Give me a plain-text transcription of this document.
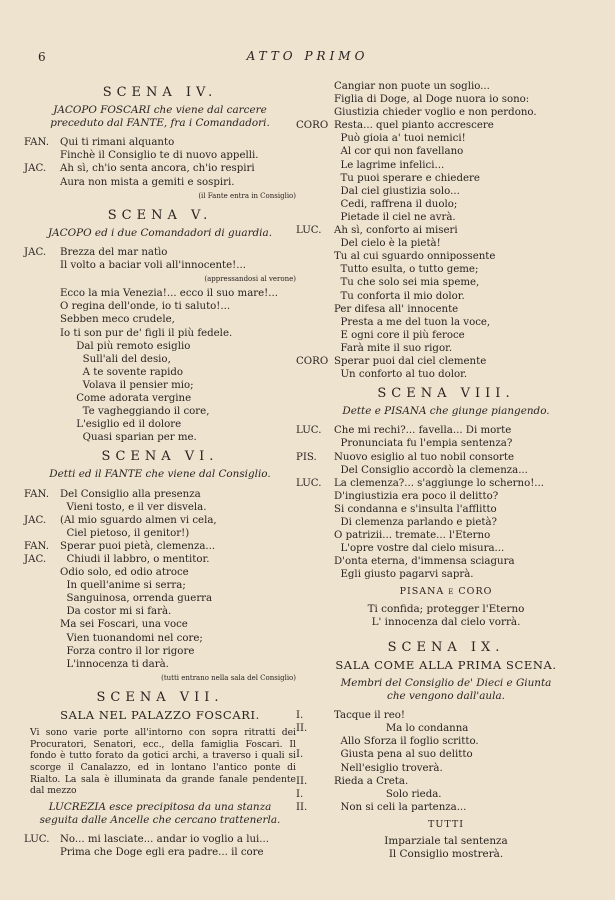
6	ATTO PRIMO
SCENA IV.
JACOPO FOSCARI che viene dal carcere
preceduto dal FANTE, fra i Comandadori.
FAN.	Qui ti rimani alquanto
Finchè il Consiglio te di nuovo appelli.
JAC.	Ah sì, ch'io senta ancora, ch'io respiri
Aura non mista a gemiti e sospiri.
(il Fante entra in Consiglio)
SCENA V.
JACOPO ed i due Comandadori di guardia.
JAC.	Brezza del mar natìo
Il volto a baciar voli all'innocente!...
(appressandosi al verone)
Ecco la mia Venezia!... ecco il suo mare!...
O regina dell'onde, io ti saluto!...
Sebben meco crudele,
Io ti son pur de' figli il più fedele.
Dal più remoto esiglio
Sull'ali del desio,
A te sovente rapido
Volava il pensier mio;
Come adorata vergine
Te vagheggiando il core,
L'esiglio ed il dolore
Quasi sparian per me.
SCENA VI.
Detti ed il FANTE che viene dal Consiglio.
FAN.	Del Consiglio alla presenza
Vieni tosto, e il ver disvela.
JAC.	(Al mio sguardo almen vi cela,
Ciel pietoso, il genitor!)
FAN.	Sperar puoi pietà, clemenza...
JAC.	Chiudi il labbro, o mentitor.
Odio solo, ed odio atroce
In quell'anime si serra;
Sanguinosa, orrenda guerra
Da costor mi si farà.
Ma sei Foscari, una voce
Vien tuonandomi nel core;
Forza contro il lor rigore
L'innocenza ti darà.
(tutti entrano nella sala del Consiglio)
SCENA VII.
SALA NEL PALAZZO FOSCARI.
Vi sono varie porte all'intorno con sopra ritratti dei Procuratori, Senatori, ecc., della famiglia Foscari. Il fondo è tutto forato da gotici archi, a traverso i quali si scorge il Canalazzo, ed in lontano l'antico ponte di Rialto. La sala è illuminata da grande fanale pendente dal mezzo
LUCREZIA esce precipitosa da una stanza
seguita dalle Ancelle che cercano trattenerla.
LUC.	No... mi lasciate... andar io voglio a lui...
Prima che Doge egli era padre... il core
Cangiar non puote un soglio...
Figlia di Doge, al Doge nuora io sono:
Giustizia chieder voglio e non perdono.
CORO Resta... quel pianto accrescere
Può gioia a' tuoi nemici!
Al cor qui non favellano
Le lagrime infelici...
Tu puoi sperare e chiedere
Dal ciel giustizia solo...
Cedi, raffrena il duolo;
Pietade il ciel ne avrà.
LUC.	Ah sì, conforto ai miseri
Del cielo è la pietà!
Tu al cui sguardo onnipossente
Tutto esulta, o tutto geme;
Tu che solo sei mia speme,
Tu conforta il mio dolor.
Per difesa all' innocente
Presta a me del tuon la voce,
E ogni core il più feroce
Farà mite il suo rigor.
CORO Sperar puoi dal ciel clemente
Un conforto al tuo dolor.
SCENA VIII.
Dette e PISANA che giunge piangendo.
LUC.	Che mi rechi?... favella... Di morte
Pronunciata fu l'empia sentenza?
PIS.	Nuovo esiglio al tuo nobil consorte
Del Consiglio accordò la clemenza...
LUC.	La clemenza?... s'aggiunge lo scherno!...
D'ingiustizia era poco il delitto?
Si condanna e s'insulta l'afflitto
Di clemenza parlando e pietà?
O patrizii... tremate... l'Eterno
L'opre vostre dal cielo misura...
D'onta eterna, d'immensa sciagura
Egli giusto pagarvi saprà.
PISANA e CORO
Ti confida; protegger l'Eterno
L' innocenza dal cielo vorrà.
SCENA IX.
SALA COME ALLA PRIMA SCENA.
Membri del Consiglio de' Dieci e Giunta
che vengono dall'aula.
I.	Tacque il reo!
II.	Ma lo condanna
Allo Sforza il foglio scritto.
I.	Giusta pena al suo delitto
Nell'esiglio troverà.
II.	Rieda a Creta.
I.	Solo rieda.
II.	Non si celi la partenza...
TUTTI
Imparziale tal sentenza
Il Consiglio mostrerà.
